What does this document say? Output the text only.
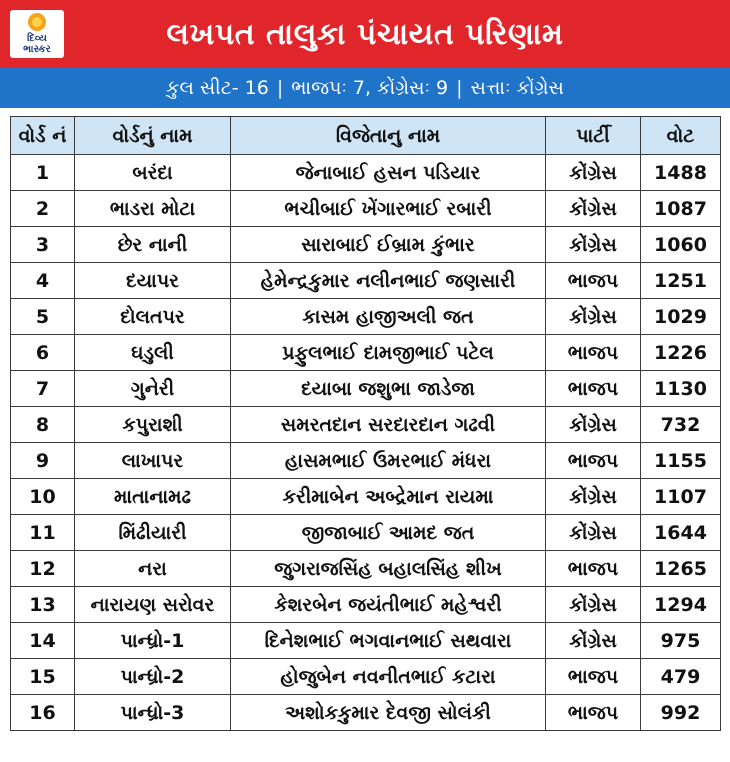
દિવ્ય
ભાસ્કર	લખપત તાલુકા પંચાયત પરિણામ
કુલ સીટ- 16 | ભાજપઃ 7, કોંગ્રેસઃ 9 | સત્તાઃ કોંગ્રેસ
વોર્ડ નં	વોર્ડનું નામ	વિજેતાનુ નામ	પાર્ટી	વોટ
1	બરંદા	જેનાબાઈ હસન પડિયાર	કોંગ્રેસ	1488
2	ભાડરા મોટા	ભચીબાઈ ખેંગારભાઈ રબારી	કોંગ્રેસ	1087
3	છેર નાની	સારાબાઈ ઈબ્રામ કુંભાર	કોંગ્રેસ	1060
4	દયાપર	હેમેન્દ્રકુમાર નલીનભાઈ જણસારી	ભાજપ	1251
5	દોલતપર	કાસમ હાજીઅલી જત	કોંગ્રેસ	1029
6	ઘડુલી	પ્રફુલભાઈ દામજીભાઈ પટેલ	ભાજપ	1226
7	ગુનેરી	દયાબા જશુભા જાડેજા	ભાજપ	1130
8	કપુરાશી	સમરતદાન સરદારદાન ગઢવી	કોંગ્રેસ	732
9	લાખાપર	હાસમભાઈ ઉમરભાઈ મંધરા	ભાજપ	1155
10	માતાનામઢ	કરીમાબેન અબ્દ્રેમાન રાયમા	કોંગ્રેસ	1107
11	મિંઢીયારી	જીજાબાઈ આમદ જત	કોંગ્રેસ	1644
12	નરા	જુગરાજસિંહ બહાલસિંહ શીખ	ભાજપ	1265
13	નારાયણ સરોવર	કેશરબેન જયંતીભાઈ મહેશ્વરી	કોંગ્રેસ	1294
14	પાન્ધ્રો-1	દિનેશભાઈ ભગવાનભાઈ સથવારા	કોંગ્રેસ	975
15	પાન્ધ્રો-2	હોજુબેન નવનીતભાઈ કટારા	ભાજપ	479
16	પાન્ધ્રો-3	અશોકકુમાર દેવજી સોલંકી	ભાજપ	992
